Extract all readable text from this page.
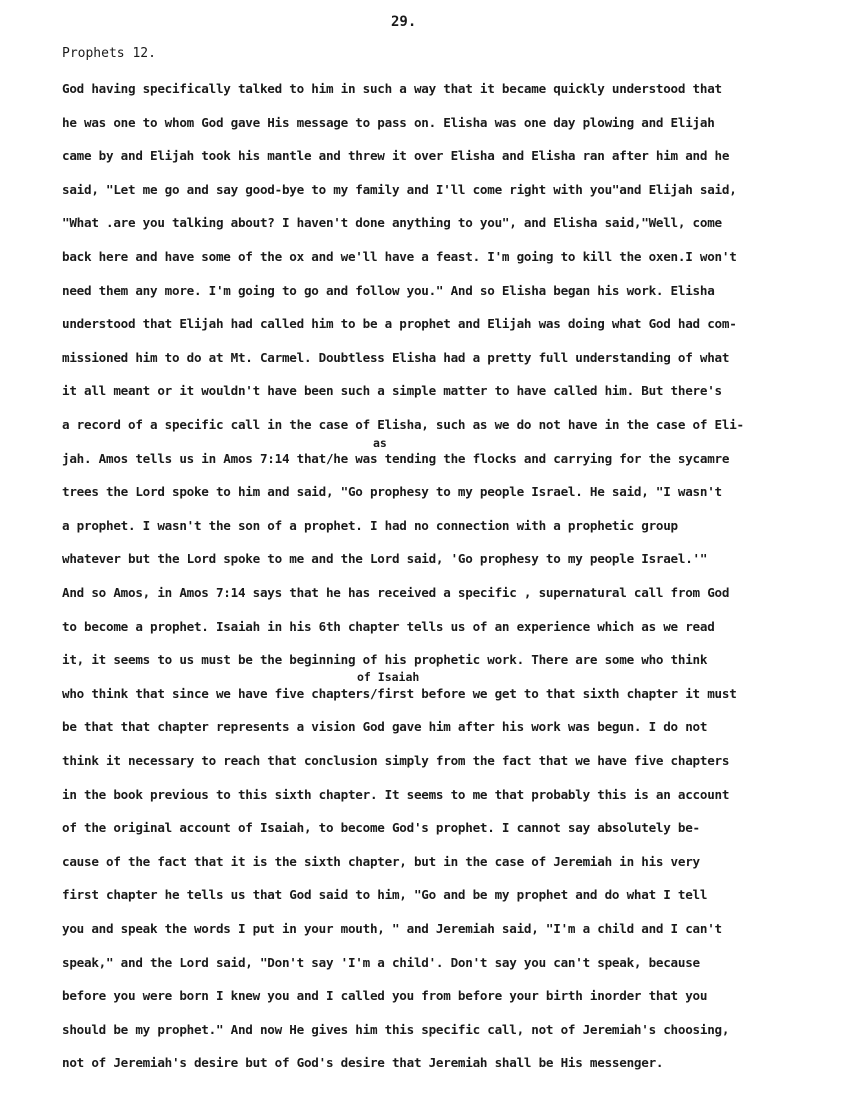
29.
Prophets 12.
God having specifically talked to him in such a way that it became quickly understood that
he was one to whom God gave His message to pass on. Elisha was one day plowing and Elijah
came by and Elijah took his mantle and threw it over Elisha and Elisha ran after him and he
said, "Let me go and say good-bye to my family and I'll come right with you"and Elijah said,
"What .are you talking about? I haven't done anything to you", and Elisha said,"Well, come
back here and have some of the ox and we'll have a feast. I'm going to kill the oxen.I won't
need them any more. I'm going to go and follow you." And so Elisha began his work. Elisha
understood that Elijah had called him to be a prophet and Elijah was doing what God had com-
missioned him to do at Mt. Carmel. Doubtless Elisha had a pretty full understanding of what
it all meant or it wouldn't have been such a simple matter to have called him. But there's
a record of a specific call in the case of Elisha, such as we do not have in the case of Eli-
jah. Amos tells us in Amos 7:14 that/he was tending the flocks and carrying for the sycamre
trees the Lord spoke to him and said, "Go prophesy to my people Israel. He said, "I wasn't
a prophet. I wasn't the son of a prophet. I had no connection with a prophetic group
whatever but the Lord spoke to me and the Lord said, 'Go prophesy to my people Israel.'"
And so Amos, in Amos 7:14 says that he has received a specific , supernatural call from God
to become a prophet. Isaiah in his 6th chapter tells us of an experience which as we read
it, it seems to us must be the beginning of his prophetic work. There are some who think
who think that since we have five chapters/first before we get to that sixth chapter it must
be that that chapter represents a vision God gave him after his work was begun. I do not
think it necessary to reach that conclusion simply from the fact that we have five chapters
in the book previous to this sixth chapter. It seems to me that probably this is an account
of the original account of Isaiah, to become God's prophet. I cannot say absolutely be-
cause of the fact that it is the sixth chapter, but in the case of Jeremiah in his very
first chapter he tells us that God said to him, "Go and be my prophet and do what I tell
you and speak the words I put in your mouth, " and Jeremiah said, "I'm a child and I can't
speak," and the Lord said, "Don't say 'I'm a child'. Don't say you can't speak, because
before you were born I knew you and I called you from before your birth inorder that you
should be my prophet." And now He gives him this specific call, not of Jeremiah's choosing,
not of Jeremiah's desire but of God's desire that Jeremiah shall be His messenger.
as
of Isaiah
